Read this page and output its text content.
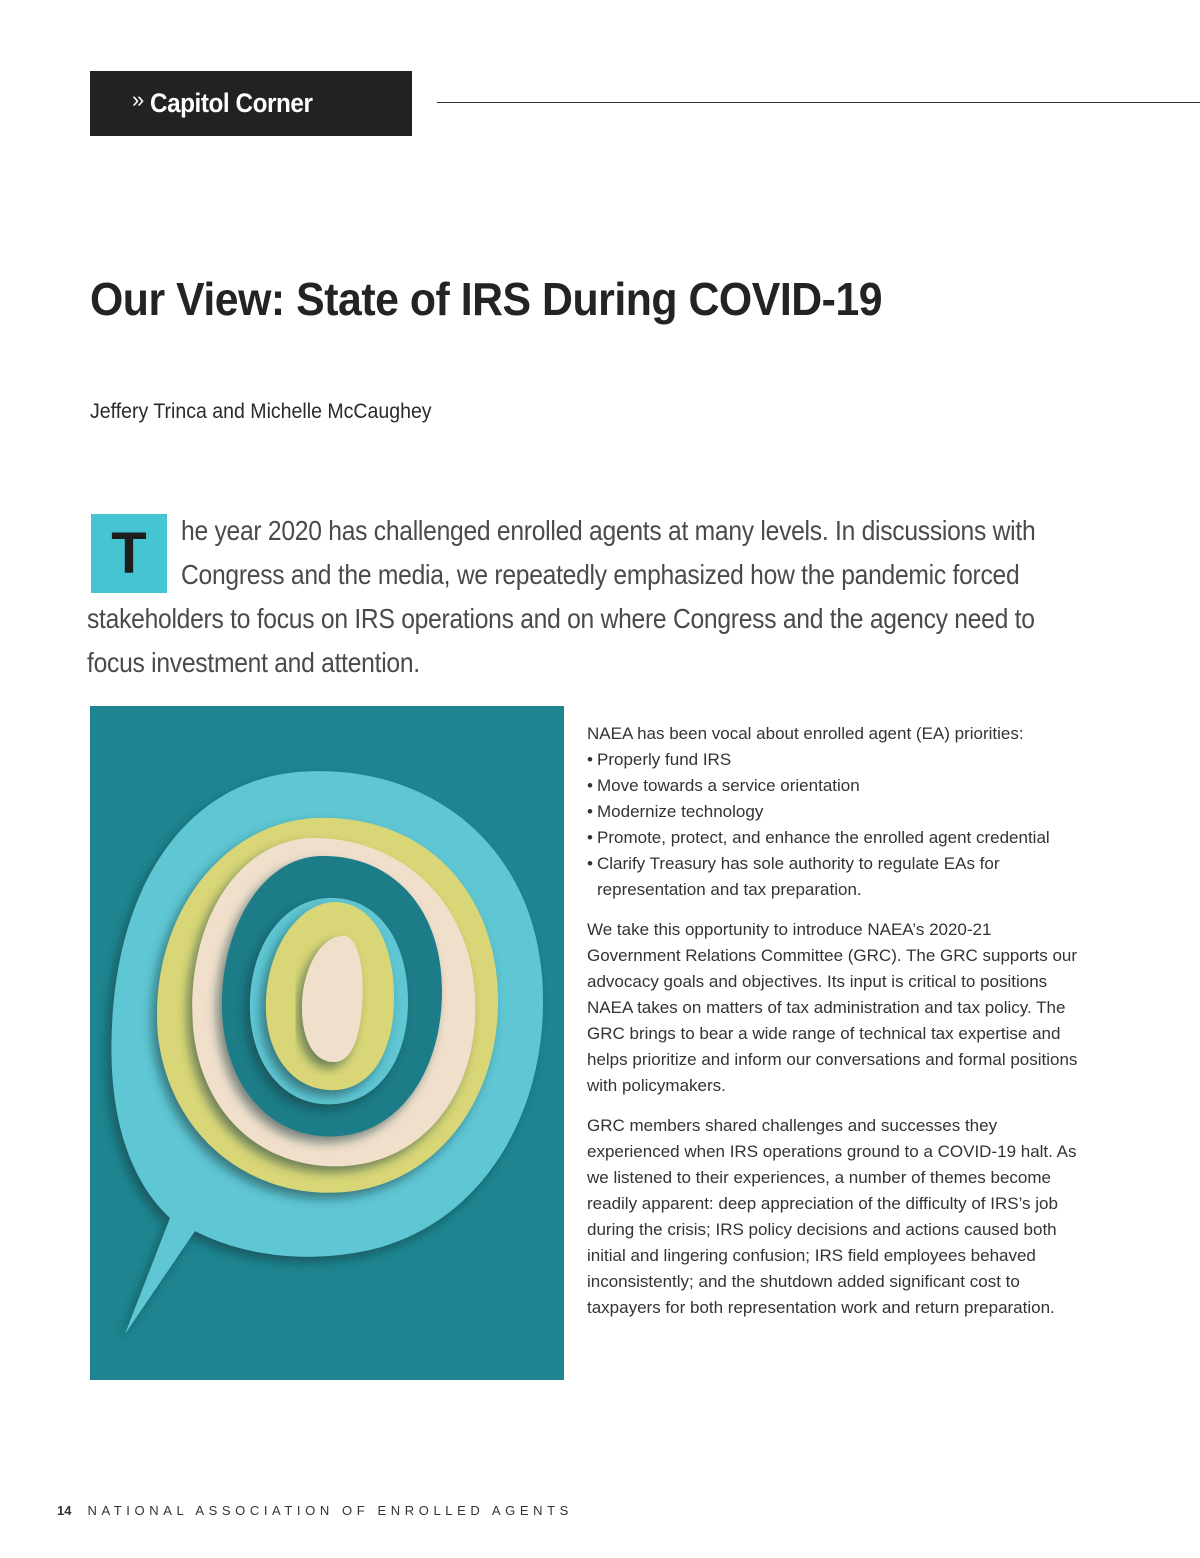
» Capitol Corner
Our View: State of IRS During COVID-19
Jeffery Trinca and Michelle McCaughey
T	he year 2020 has challenged enrolled agents at many levels. In discussions with
Congress and the media, we repeatedly emphasized how the pandemic forced
stakeholders to focus on IRS operations and on where Congress and the agency need to
focus investment and attention.

NAEA has been vocal about enrolled agent (EA) priorities:

• Properly fund IRS
• Move towards a service orientation
• Modernize technology
• Promote, protect, and enhance the enrolled agent credential
• Clarify Treasury has sole authority to regulate EAs for representation and tax preparation.

We take this opportunity to introduce NAEA’s 2020-21 Government Relations Committee (GRC). The GRC supports our advocacy goals and objectives. Its input is critical to positions NAEA takes on matters of tax administration and tax policy. The GRC brings to bear a wide range of technical tax expertise and helps prioritize and inform our conversations and formal positions with policymakers.

GRC members shared challenges and successes they experienced when IRS operations ground to a COVID-19 halt. As we listened to their experiences, a number of themes become readily apparent: deep appreciation of the difficulty of IRS’s job during the crisis; IRS policy decisions and actions caused both initial and lingering confusion; IRS field employees behaved inconsistently; and the shutdown added significant cost to taxpayers for both representation work and return preparation.

14 NATIONAL ASSOCIATION OF ENROLLED AGENTS
